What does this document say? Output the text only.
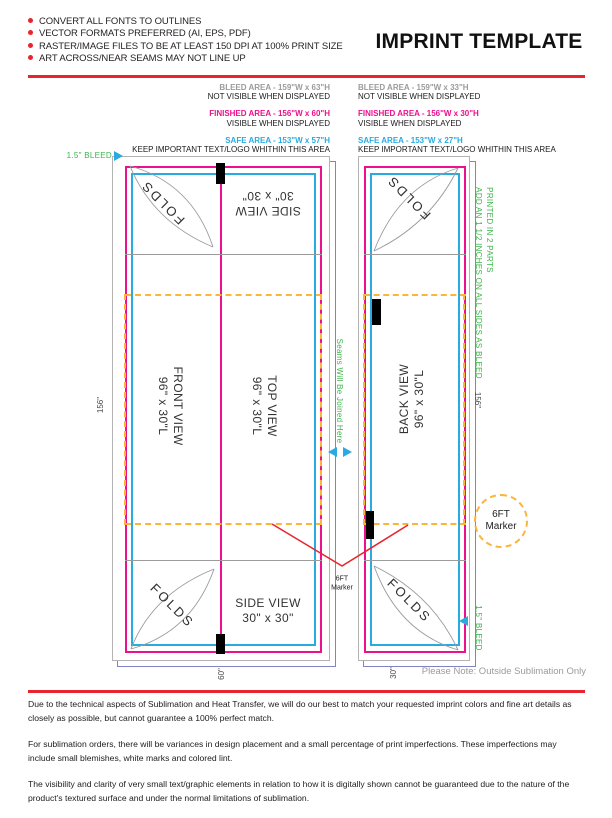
CONVERT ALL FONTS TO OUTLINES
VECTOR FORMATS PREFERRED (AI, EPS, PDF)
RASTER/IMAGE FILES TO BE AT LEAST 150 DPI AT 100% PRINT SIZE
ART ACROSS/NEAR SEAMS MAY NOT LINE UP
IMPRINT TEMPLATE
BLEED AREA - 159"W x 63"H
NOT VISIBLE WHEN DISPLAYED
FINISHED AREA - 156"W x 60"H
VISIBLE WHEN DISPLAYED
SAFE AREA - 153"W x 57"H
KEEP IMPORTANT TEXT/LOGO WHITHIN THIS AREA
BLEED AREA - 159"W x 33"H
NOT VISIBLE WHEN DISPLAYED
FINISHED AREA - 156"W x 30"H
VISIBLE WHEN DISPLAYED
SAFE AREA - 153"W x 27"H
KEEP IMPORTANT TEXT/LOGO WHITHIN THIS AREA
FOLDS	SIDE VIEW
30" x 30"
FRONT VIEW
96" x 30"L	TOP VIEW
96" x 30"L
FOLDS	SIDE VIEW
30" x 30"
156"
60"
FOLDS
BACK VIEW 96" x 30"L
FOLDS
156"
30"
1.5" BLEED
Seams Will Be Joined Here
PRINTED IN 2 PARTS
ADD AN 1 1/2 INCHES ON ALL SIDES AS BLEED
1.5" BLEED
6FT
Marker
6FT
Marker
Please Note: Outside Sublimation Only

Due to the technical aspects of Sublimation and Heat Transfer, we will do our best to match your requested imprint colors and fine art details as closely as possible, but cannot guarantee a 100% perfect match.

For sublimation orders, there will be variances in design placement and a small percentage of print imperfections. These imperfections may include small blemishes, white marks and colored lint.

The visibility and clarity of very small text/graphic elements in relation to how it is digitally shown cannot be guaranteed due to the nature of the product's textured surface and under the normal limitations of sublimation.
